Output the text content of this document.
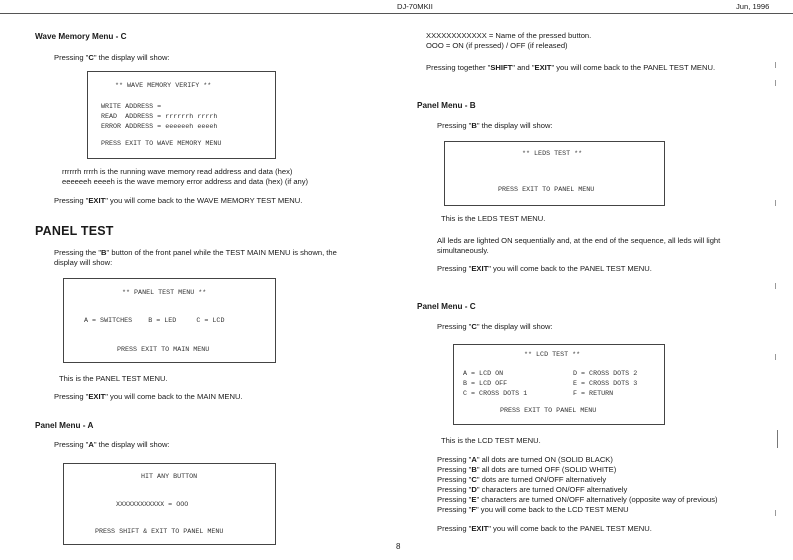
DJ-70MKII	Jun, 1996
Wave Memory Menu - C
Pressing "C" the display will show:
** WAVE MEMORY VERIFY **
WRITE ADDRESS =
READ  ADDRESS = rrrrrrh rrrrh
ERROR ADDRESS = eeeeeeh eeeeh
PRESS EXIT TO WAVE MEMORY MENU
rrrrrrh rrrrh is the running wave memory read address and data (hex)
eeeeeeh eeeeh is the wave memory error address and data (hex) (if any)
Pressing "EXIT" you will come back to the WAVE MEMORY TEST MENU.
PANEL TEST
Pressing the "B" button of the front panel while the TEST MAIN MENU is shown, the
display will show:
** PANEL TEST MENU **
A = SWITCHES    B = LED     C = LCD
PRESS EXIT TO MAIN MENU
This is the PANEL TEST MENU.
Pressing "EXIT" you will come back to the MAIN MENU.
Panel Menu - A
Pressing "A" the display will show:
HIT ANY BUTTON
XXXXXXXXXXXX = OOO
PRESS SHIFT & EXIT TO PANEL MENU
XXXXXXXXXXXX = Name of the pressed button.
OOO = ON (if pressed) / OFF (if released)
Pressing together "SHIFT" and "EXIT" you will come back to the PANEL TEST MENU.
Panel Menu - B
Pressing "B" the display will show:
** LEDS TEST **
PRESS EXIT TO PANEL MENU
This is the LEDS TEST MENU.
All leds are lighted ON sequentially and, at the end of the sequence, all leds will light
simultaneously.
Pressing "EXIT" you will come back to the PANEL TEST MENU.
Panel Menu - C
Pressing "C" the display will show:
** LCD TEST **
A = LCD ON	D = CROSS DOTS 2
B = LCD OFF	E = CROSS DOTS 3
C = CROSS DOTS 1	F = RETURN
PRESS EXIT TO PANEL MENU
This is the LCD TEST MENU.
Pressing "A" all dots are turned ON (SOLID BLACK)
Pressing "B" all dots are turned OFF (SOLID WHITE)
Pressing "C" dots are turned ON/OFF alternatively
Pressing "D" characters are turned ON/OFF alternatively
Pressing "E" characters are turned ON/OFF alternatively (opposite way of previous)
Pressing "F" you will come back to the LCD TEST MENU
Pressing "EXIT" you will come back to the PANEL TEST MENU.
8
